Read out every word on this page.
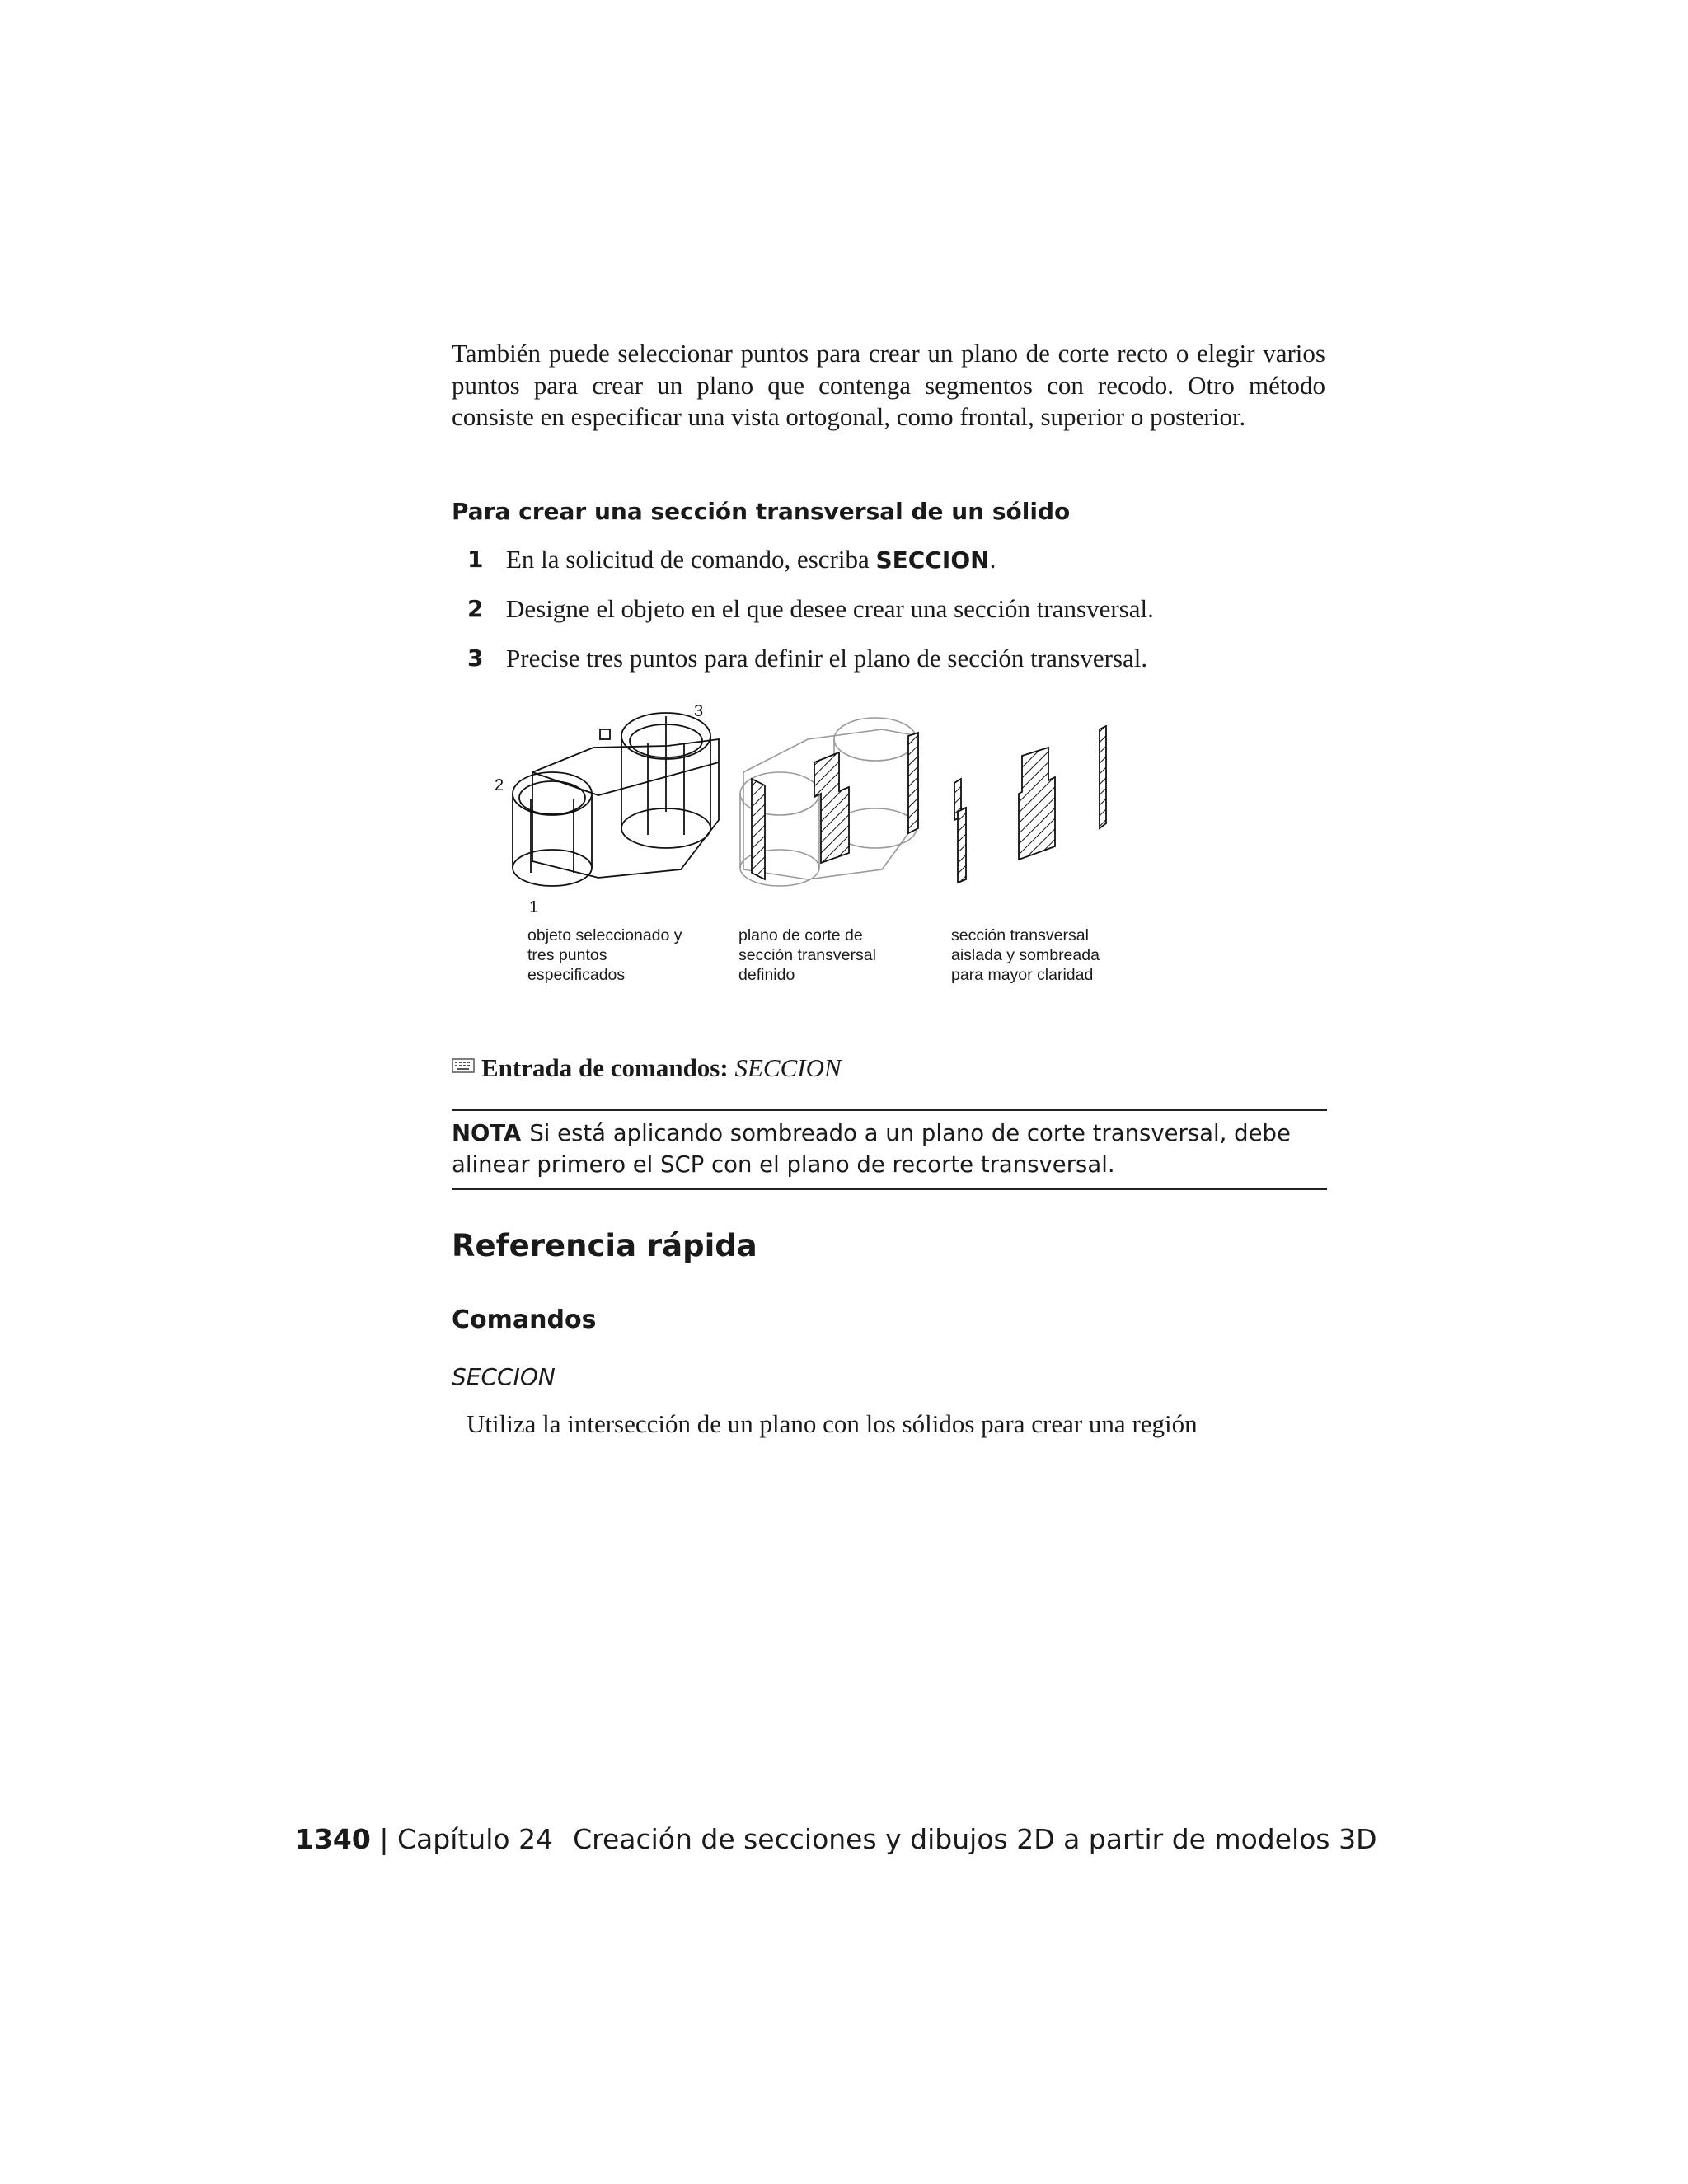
También puede seleccionar puntos para crear un plano de corte recto o elegir varios puntos para crear un plano que contenga segmentos con recodo. Otro método consiste en especificar una vista ortogonal, como frontal, superior o posterior.

Para crear una sección transversal de un sólido
1 En la solicitud de comando, escriba SECCION.
2 Designe el objeto en el que desee crear una sección transversal.
3 Precise tres puntos para definir el plano de sección transversal.
1
2
3
objeto seleccionado y
tres puntos
especificados
plano de corte de
sección transversal
definido
sección transversal
aislada y sombreada
para mayor claridad
Entrada de comandos: SECCION
NOTA Si está aplicando sombreado a un plano de corte transversal, debe alinear primero el SCP con el plano de recorte transversal.
Referencia rápida
Comandos
SECCION
Utiliza la intersección de un plano con los sólidos para crear una región
1340 | Capítulo 24 Creación de secciones y dibujos 2D a partir de modelos 3D
